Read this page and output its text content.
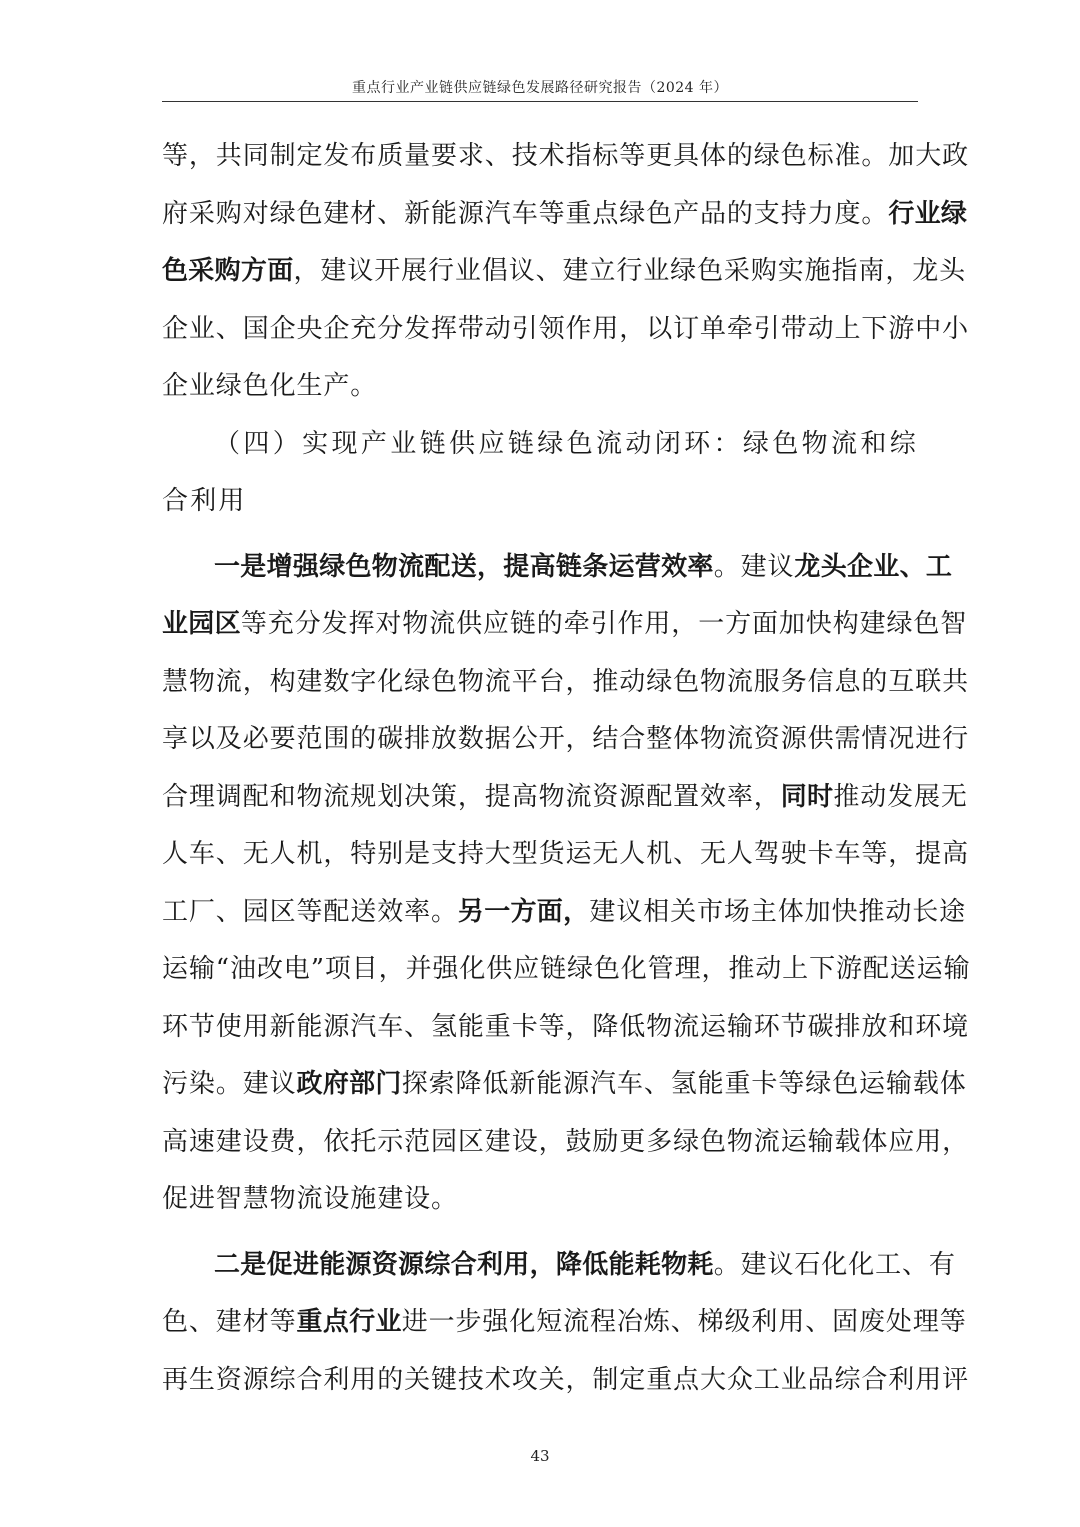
重点行业产业链供应链绿色发展路径研究报告（2024 年）
等，共同制定发布质量要求、技术指标等更具体的绿色标准。加大政
府采购对绿色建材、新能源汽车等重点绿色产品的支持力度。行业绿
色采购方面，建议开展行业倡议、建立行业绿色采购实施指南，龙头
企业、国企央企充分发挥带动引领作用，以订单牵引带动上下游中小
企业绿色化生产。
（四）实现产业链供应链绿色流动闭环：绿色物流和综
合利用
一是增强绿色物流配送，提高链条运营效率。建议龙头企业、工
业园区等充分发挥对物流供应链的牵引作用，一方面加快构建绿色智
慧物流，构建数字化绿色物流平台，推动绿色物流服务信息的互联共
享以及必要范围的碳排放数据公开，结合整体物流资源供需情况进行
合理调配和物流规划决策，提高物流资源配置效率，同时推动发展无
人车、无人机，特别是支持大型货运无人机、无人驾驶卡车等，提高
工厂、园区等配送效率。另一方面，建议相关市场主体加快推动长途
运输“油改电”项目，并强化供应链绿色化管理，推动上下游配送运输
环节使用新能源汽车、氢能重卡等，降低物流运输环节碳排放和环境
污染。建议政府部门探索降低新能源汽车、氢能重卡等绿色运输载体
高速建设费，依托示范园区建设，鼓励更多绿色物流运输载体应用，
促进智慧物流设施建设。
二是促进能源资源综合利用，降低能耗物耗。建议石化化工、有
色、建材等重点行业进一步强化短流程冶炼、梯级利用、固废处理等
再生资源综合利用的关键技术攻关，制定重点大众工业品综合利用评
43
